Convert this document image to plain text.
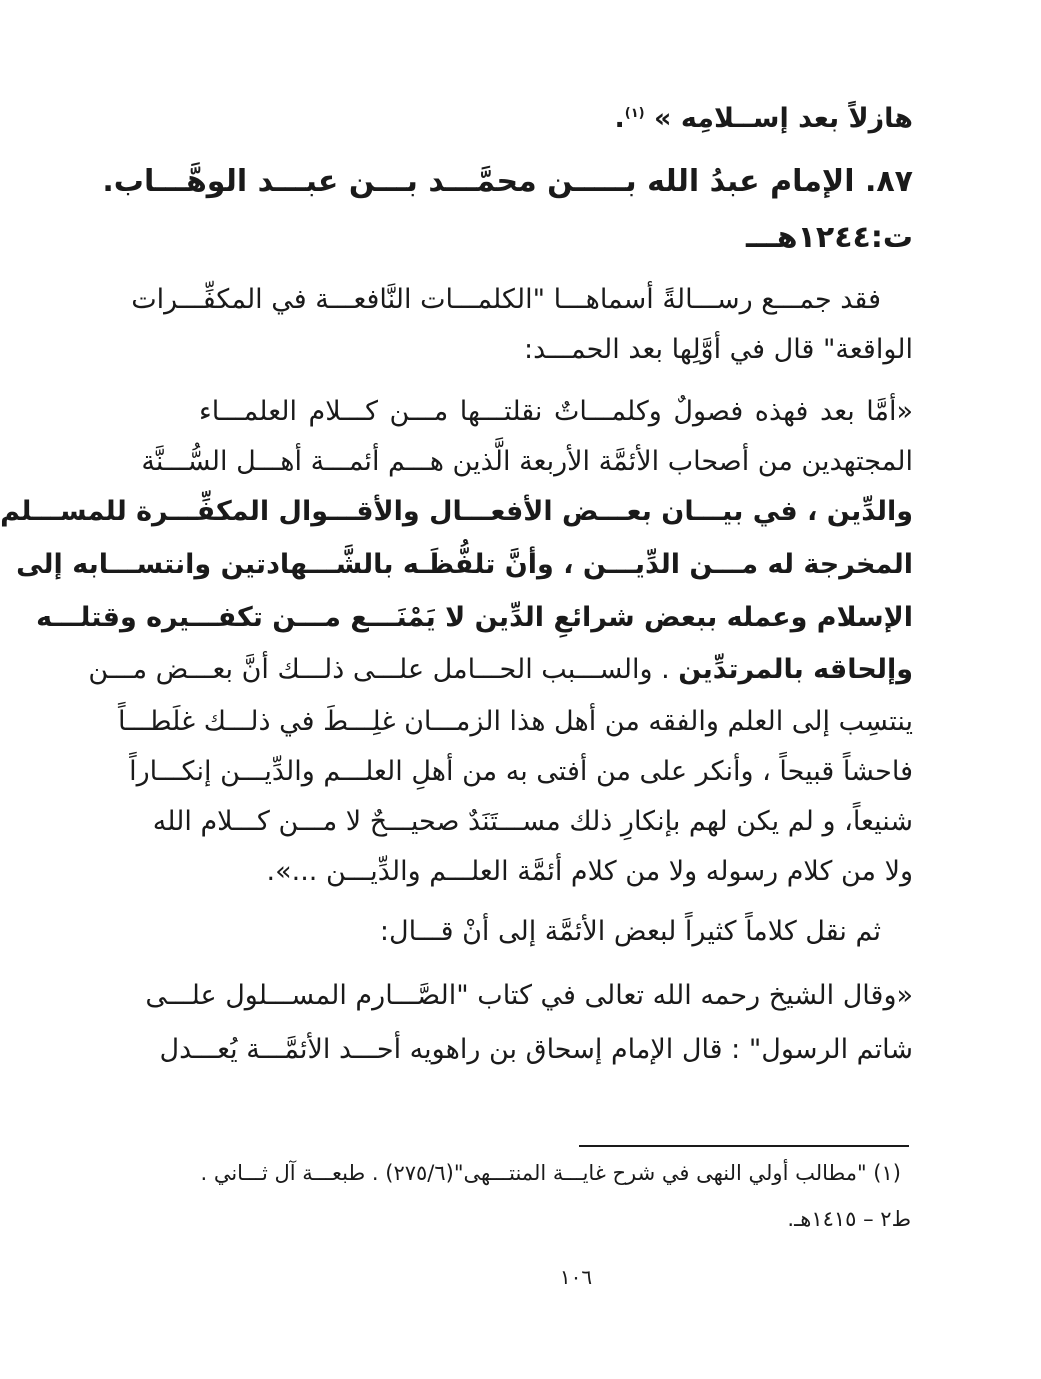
هازلاً بعد إســلامِه » $^{(١)}$.
٨٧. الإمام عبدُ الله بـــــن محمَّـــد بـــن عبـــد الوهَّـــاب.
ت:١٢٤٤هـــ
فقد جمـــع رســـالةً أسماهـــا "الكلمـــات النَّافعـــة في المكفِّـــرات
الواقعة" قال في أوَّلِها بعد الحمـــد:
«أمَّا بعد فهذه فصولٌ وكلمـــاتٌ نقلتـــها مـــن كـــلام العلمـــاء
المجتهدين من أصحاب الأئمَّة الأربعة الَّذين هـــم أئمـــة أهـــل السُّـــنَّة
والدِّين ، في بيـــان بعـــض الأفعـــال والأقـــوال المكفِّـــرة للمســـلم
المخرجة له مـــن الدِّيـــن ، وأنَّ تلفُّظَـه بالشَّـــهادتين وانتســـابه إلى
الإسلام وعمله ببعض شرائعِ الدِّين لا يَمْنَـــع مـــن تكفـــيره وقتلـــه
وإلحاقه بالمرتدِّين . والســـبب الحـــامل علـــى ذلـــك أنَّ بعـــض مـــن
ينتسِب إلى العلم والفقه من أهل هذا الزمـــان غلِـــطَ في ذلـــك غلَطـــاً
فاحشاً قبيحاً ، وأنكر على من أفتى به من أهلِ العلـــم والدِّيـــن إنكـــاراً
شنيعاً، و لم يكن لهم بإنكارِ ذلك مســـتَنَدٌ صحيـــحٌ لا مـــن كـــلام الله
ولا من كلام رسوله ولا من كلام أئمَّة العلـــم والدِّيـــن ...».
ثم نقل كلاماً كثيراً لبعض الأئمَّة إلى أنْ قـــال:
«وقال الشيخ رحمه الله تعالى في كتاب "الصَّـــارم المســـلول علـــى
شاتم الرسول" : قال الإمام إسحاق بن راهويه أحـــد الأئمَّـــة يُعـــدل
(١) "مطالب أولي النهى في شرح غايـــة المنتـــهى"(٢٧٥/٦) . طبعـــة آل ثـــاني .
ط٢ – ١٤١٥هـ.
١٠٦
